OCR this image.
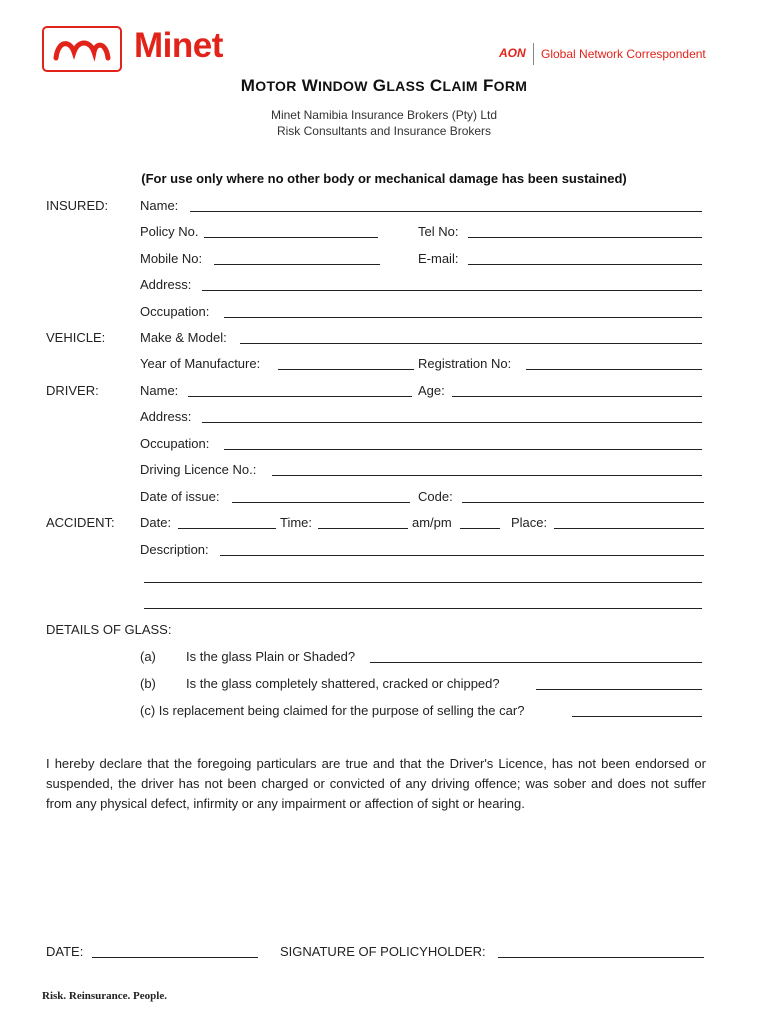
Minet	AON Global Network Correspondent
MOTOR WINDOW GLASS CLAIM FORM
Minet Namibia Insurance Brokers (Pty) Ltd
Risk Consultants and Insurance Brokers
(For use only where no other body or mechanical damage has been sustained)
INSURED: Name:
Policy No.	Tel No:
Mobile No:	E-mail:
Address:
Occupation:
VEHICLE:	Make & Model:
Year of Manufacture:	Registration No:
DRIVER:	Name:	Age:
Address:
Occupation:
Driving Licence No.:
Date of issue:	Code:
ACCIDENT: Date:	Time:	am/pm	Place:
Description:
DETAILS OF GLASS:
(a) Is the glass Plain or Shaded?
(b) Is the glass completely shattered, cracked or chipped?
(c) Is replacement being claimed for the purpose of selling the car?
I hereby declare that the foregoing particulars are true and that the Driver's Licence, has not been endorsed or suspended, the driver has not been charged or convicted of any driving offence; was sober and does not suffer from any physical defect, infirmity or any impairment or affection of sight or hearing.
DATE:	SIGNATURE OF POLICYHOLDER:
Risk. Reinsurance. People.
